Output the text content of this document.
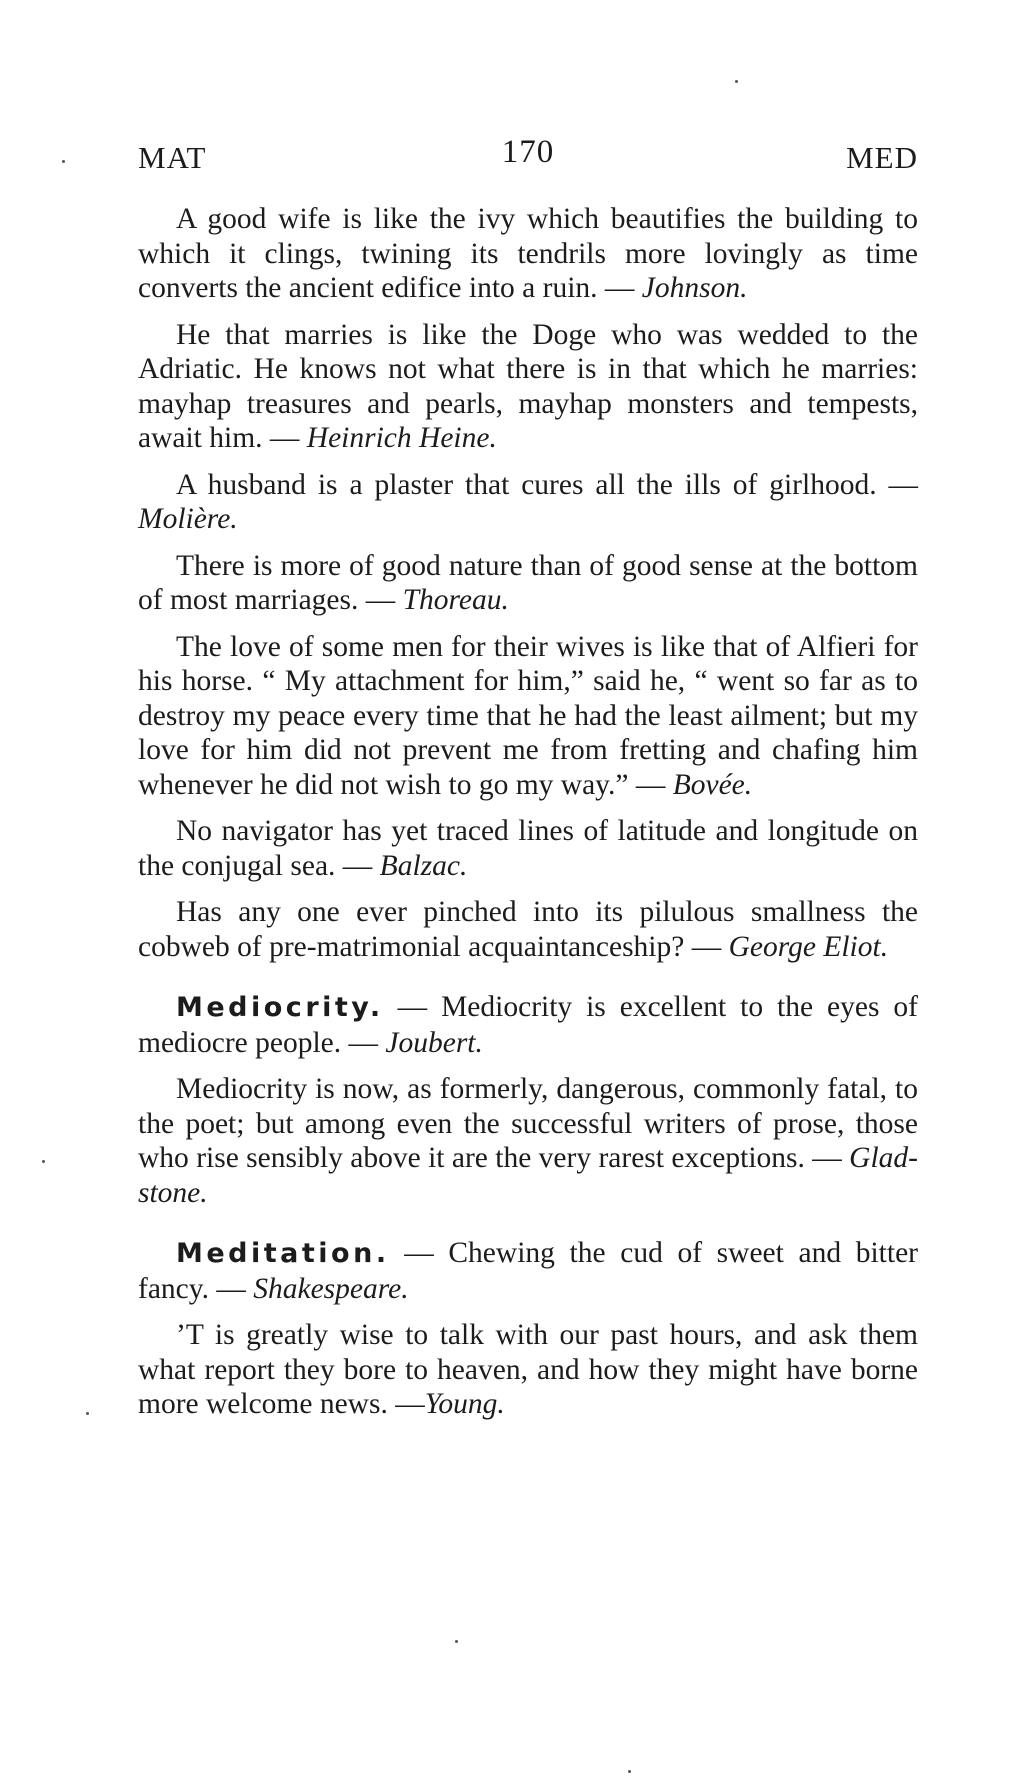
MAT	170	MED

A good wife is like the ivy which beautifies the building to which it clings, twining its tendrils more lovingly as time converts the ancient edifice into a ruin. — Johnson.

He that marries is like the Doge who was wedded to the Adriatic. He knows not what there is in that which he marries: mayhap treasures and pearls, mayhap monsters and tempests, await him. — Heinrich Heine.

A husband is a plaster that cures all the ills of girlhood. — Molière.

There is more of good nature than of good sense at the bottom of most marriages. — Thoreau.

The love of some men for their wives is like that of Alfieri for his horse. “ My attachment for him,” said he, “ went so far as to destroy my peace every time that he had the least ailment; but my love for him did not prevent me from fretting and chafing him whenever he did not wish to go my way.” — Bovée.

No navigator has yet traced lines of latitude and longitude on the conjugal sea. — Balzac.

Has any one ever pinched into its pilulous smallness the cobweb of pre-matrimonial acquaintanceship? — George Eliot.

Mediocrity. — Mediocrity is excellent to the eyes of mediocre people. — Joubert.

Mediocrity is now, as formerly, dangerous, commonly fatal, to the poet; but among even the successful writers of prose, those who rise sensibly above it are the very rarest exceptions. — Gladstone.

Meditation. — Chewing the cud of sweet and bitter fancy. — Shakespeare.

’T is greatly wise to talk with our past hours, and ask them what report they bore to heaven, and how they might have borne more welcome news. —Young.
